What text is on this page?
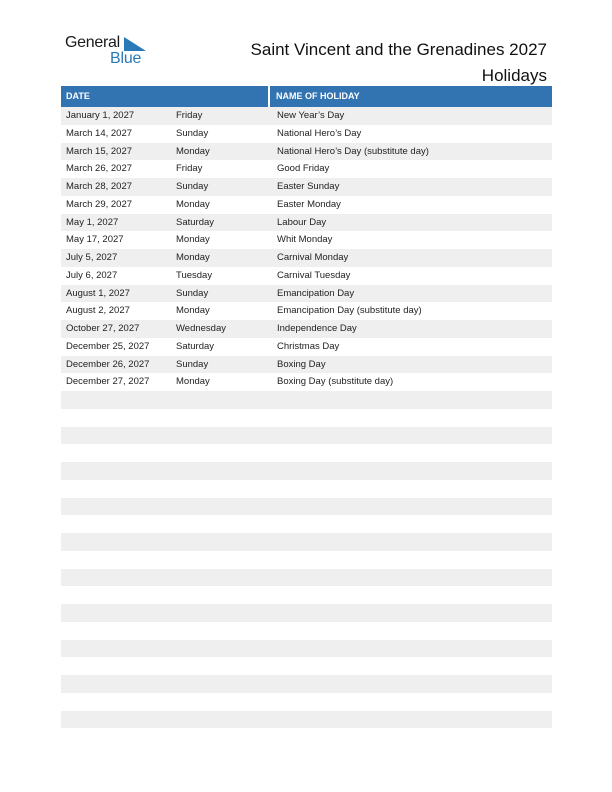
General
Blue	Saint Vincent and the Grenadines 2027
Holidays
DATE	NAME OF HOLIDAY
January 1, 2027	Friday	New Year’s Day
March 14, 2027	Sunday	National Hero’s Day
March 15, 2027	Monday	National Hero’s Day (substitute day)
March 26, 2027	Friday	Good Friday
March 28, 2027	Sunday	Easter Sunday
March 29, 2027	Monday	Easter Monday
May 1, 2027	Saturday	Labour Day
May 17, 2027	Monday	Whit Monday
July 5, 2027	Monday	Carnival Monday
July 6, 2027	Tuesday	Carnival Tuesday
August 1, 2027	Sunday	Emancipation Day
August 2, 2027	Monday	Emancipation Day (substitute day)
October 27, 2027	Wednesday	Independence Day
December 25, 2027	Saturday	Christmas Day
December 26, 2027	Sunday	Boxing Day
December 27, 2027	Monday	Boxing Day (substitute day)
